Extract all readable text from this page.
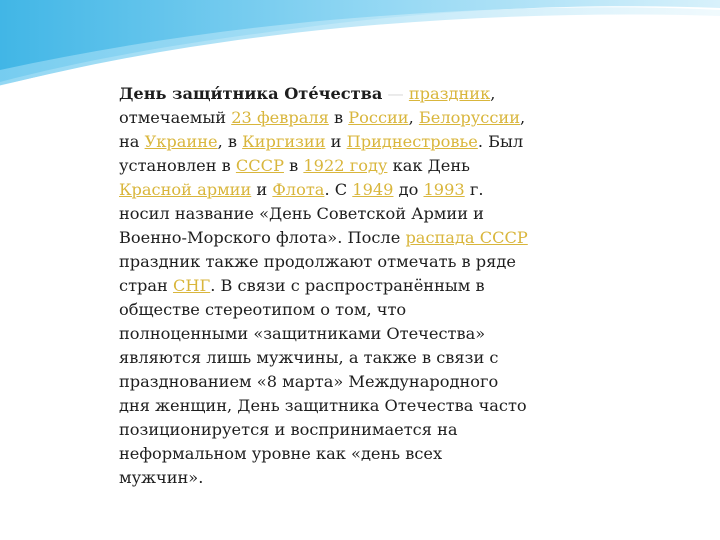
День защи́тника Оте́чества — праздник, отмечаемый 23 февраля в России, Белоруссии, на Украине, в Киргизии и Приднестровье. Был установлен в СССР в 1922 году как День Красной армии и Флота. С 1949 до 1993 г. носил название «День Советской Армии и Военно-Морского флота». После распада СССР праздник также продолжают отмечать в ряде стран СНГ. В связи с распространённым в обществе стереотипом о том, что полноценными «защитниками Отечества» являются лишь мужчины, а также в связи с празднованием «8 марта» Международного дня женщин, День защитника Отечества часто позиционируется и воспринимается на неформальном уровне как «день всех мужчин».
